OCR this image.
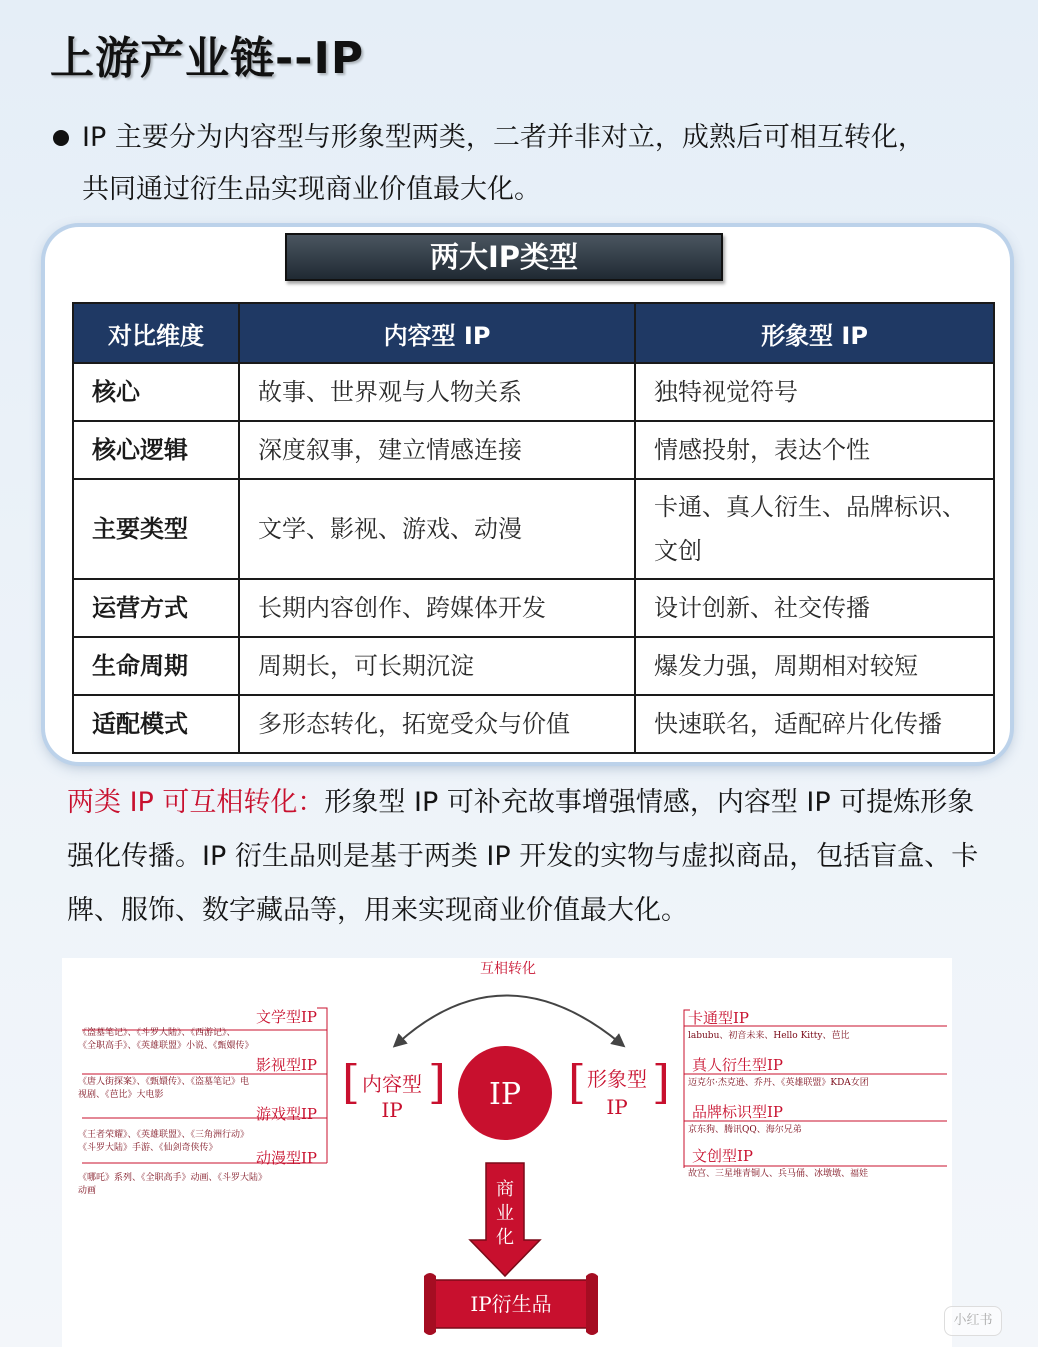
上游产业链--IP
IP 主要分为内容型与形象型两类，二者并非对立，成熟后可相互转化，
共同通过衍生品实现商业价值最大化。
两大IP类型
对比维度	内容型 IP	形象型 IP
核心	故事、世界观与人物关系	独特视觉符号
核心逻辑	深度叙事，建立情感连接	情感投射，表达个性
主要类型	文学、影视、游戏、动漫	卡通、真人衍生、品牌标识、文创
运营方式	长期内容创作、跨媒体开发	设计创新、社交传播
生命周期	周期长，可长期沉淀	爆发力强，周期相对较短
适配模式	多形态转化，拓宽受众与价值	快速联名，适配碎片化传播
两类 IP 可互相转化：形象型 IP 可补充故事增强情感，内容型 IP 可提炼形象强化传播。IP 衍生品则是基于两类 IP 开发的实物与虚拟商品，包括盲盒、卡牌、服饰、数字藏品等，用来实现商业价值最大化。
互相转化
IP
[ 内容型
IP
]	[ 形象型
IP ]
文学型IP
《盗墓笔记》、《斗罗大陆》、《西游记》、
《全职高手》、《英雄联盟》小说、《甄嬛传》
影视型IP
《唐人街探案》、《甄嬛传》、《盗墓笔记》电
视剧、《芭比》大电影
游戏型IP
《王者荣耀》、《英雄联盟》、《三角洲行动》
《斗罗大陆》手游、《仙剑奇侠传》
动漫型IP
《哪吒》系列、《全职高手》动画、《斗罗大陆》
动画
卡通型IP
labubu、初音未来、Hello Kitty、芭比
真人衍生型IP
迈克尔·杰克逊、乔丹、《英雄联盟》KDA女团
品牌标识型IP
京东狗、腾讯QQ、海尔兄弟
文创型IP
故宫、三星堆青铜人、兵马俑、冰墩墩、福娃
商
业
化
IP衍生品
小红书
